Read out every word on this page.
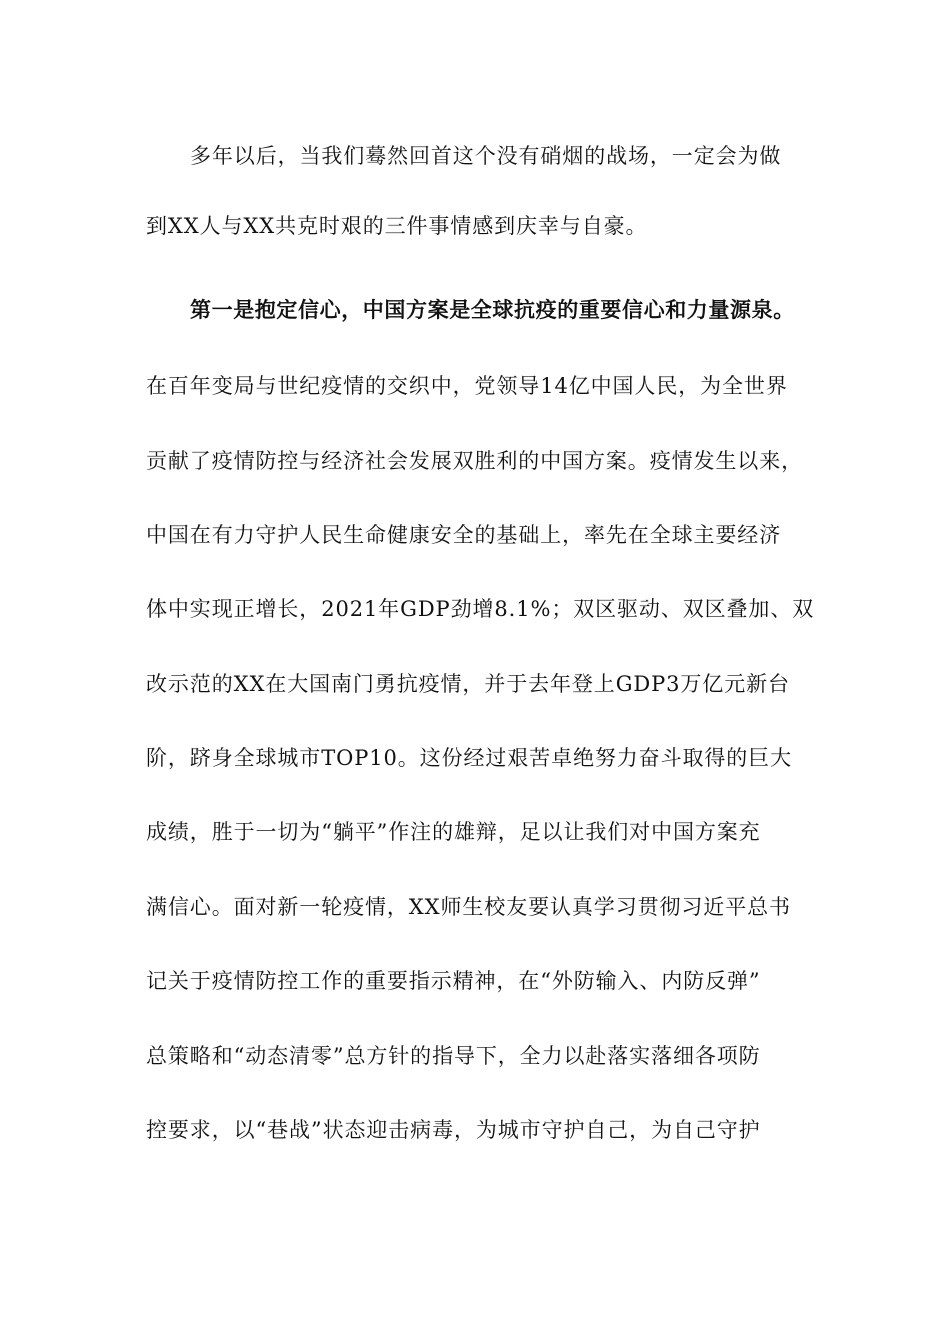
多年以后，当我们蓦然回首这个没有硝烟的战场，一定会为做

到XX人与XX共克时艰的三件事情感到庆幸与自豪。

第一是抱定信心，中国方案是全球抗疫的重要信心和力量源泉。

在百年变局与世纪疫情的交织中，党领导14亿中国人民，为全世界

贡献了疫情防控与经济社会发展双胜利的中国方案。疫情发生以来，

中国在有力守护人民生命健康安全的基础上，率先在全球主要经济

体中实现正增长，2021年GDP劲增8.1%；双区驱动、双区叠加、双

改示范的XX在大国南门勇抗疫情，并于去年登上GDP3万亿元新台

阶，跻身全球城市TOP10。这份经过艰苦卓绝努力奋斗取得的巨大

成绩，胜于一切为“躺平”作注的雄辩，足以让我们对中国方案充

满信心。面对新一轮疫情，XX师生校友要认真学习贯彻习近平总书

记关于疫情防控工作的重要指示精神，在“外防输入、内防反弹”

总策略和“动态清零”总方针的指导下，全力以赴落实落细各项防

控要求，以“巷战”状态迎击病毒，为城市守护自己，为自己守护
